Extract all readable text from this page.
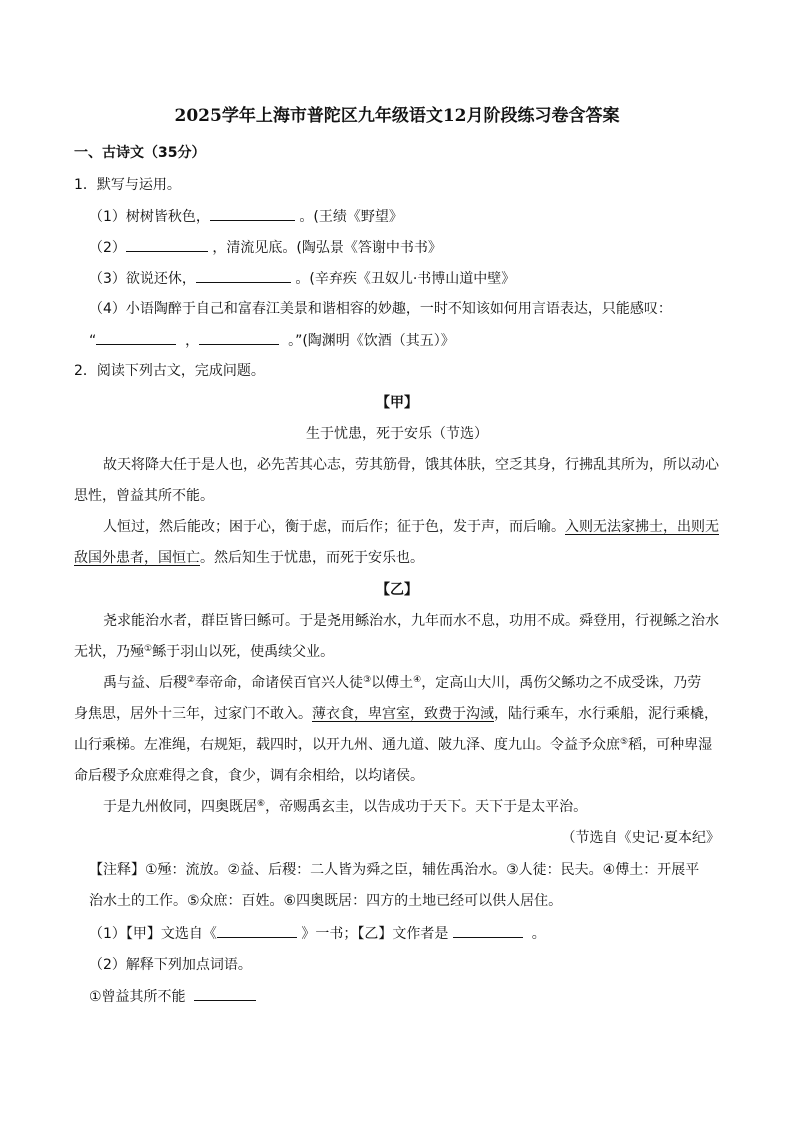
2025学年上海市普陀区九年级语文12月阶段练习卷含答案
一、古诗文（35分）
1．默写与运用。
（1）树树皆秋色，	。(王绩《野望》
（2）	，清流见底。(陶弘景《答谢中书书》
（3）欲说还休，	。(辛弃疾《丑奴儿·书博山道中壁》
（4）小语陶醉于自己和富春江美景和谐相容的妙趣，一时不知该如何用言语表达，只能感叹：
“	，	。”(陶渊明《饮酒（其五）》
2．阅读下列古文，完成问题。
【甲】
生于忧患，死于安乐（节选）
故天将降大任于是人也，必先苦其心志，劳其筋骨，饿其体肤，空乏其身，行拂乱其所为，所以动心
思性，曾益其所不能。
人恒过，然后能改；困于心，衡于虑，而后作；征于色，发于声，而后喻。入则无法家拂士，出则无
敌国外患者，国恒亡。然后知生于忧患，而死于安乐也。
【乙】
尧求能治水者，群臣皆曰鲧可。于是尧用鲧治水，九年而水不息，功用不成。舜登用，行视鲧之治水
无状，乃殛①鲧于羽山以死，使禹续父业。
禹与益、后稷②奉帝命，命诸侯百官兴人徒③以傅土④，定高山大川，禹伤父鲧功之不成受诛，乃劳
身焦思，居外十三年，过家门不敢入。薄衣食，卑宫室，致费于沟淢，陆行乘车，水行乘船，泥行乘橇，
山行乘梯。左准绳，右规矩，载四时，以开九州、通九道、陂九泽、度九山。令益予众庶⑤稻，可种卑湿
命后稷予众庶难得之食，食少，调有余相给，以均诸侯。
于是九州攸同，四奥既居⑥，帝赐禹玄圭，以告成功于天下。天下于是太平治。
（节选自《史记·夏本纪》
【注释】①殛：流放。②益、后稷：二人皆为舜之臣，辅佐禹治水。③人徒：民夫。④傅土：开展平
治水土的工作。⑤众庶：百姓。⑥四奥既居：四方的土地已经可以供人居住。
（1）【甲】文选自《	》一书；【乙】文作者是	。
（2）解释下列加点词语。
①曾益其所不能
